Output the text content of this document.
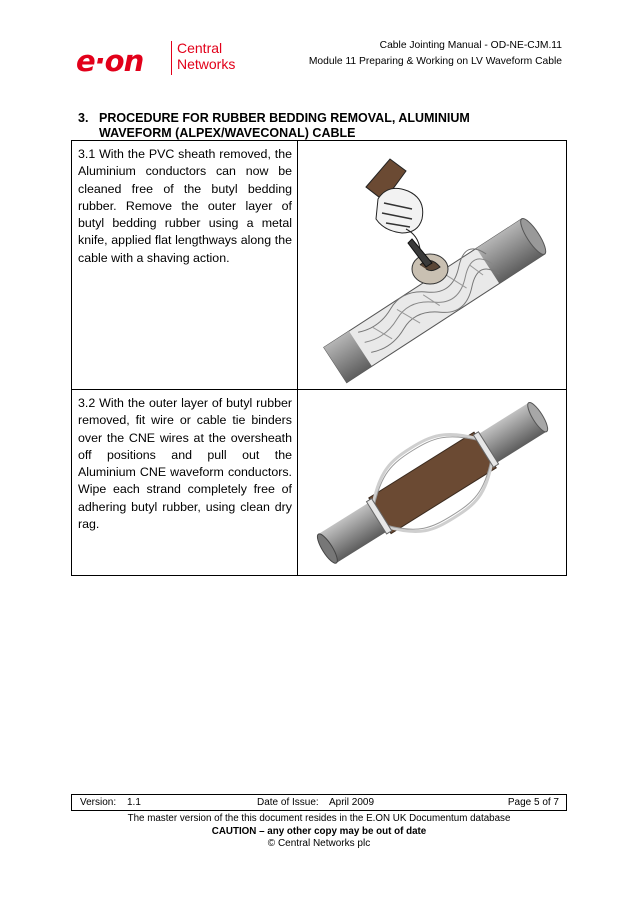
e·on Central
Networks
Cable Jointing Manual - OD-NE-CJM.11
Module 11 Preparing & Working on LV Waveform Cable
3. PROCEDURE FOR RUBBER BEDDING REMOVAL, ALUMINIUM WAVEFORM (ALPEX/WAVECONAL) CABLE
3.1 With the PVC sheath removed, the Aluminium conductors can now be cleaned free of the butyl bedding rubber. Remove the outer layer of butyl bedding rubber using a metal knife, applied flat lengthways along the cable with a shaving action.
3.2 With the outer layer of butyl rubber removed, fit wire or cable tie binders over the CNE wires at the oversheath off positions and pull out the Aluminium CNE waveform conductors. Wipe each strand completely free of adhering butyl rubber, using clean dry rag.
Version: 1.1	Date of Issue: April 2009	Page 5 of 7
The master version of the this document resides in the E.ON UK Documentum database
CAUTION – any other copy may be out of date
© Central Networks plc
